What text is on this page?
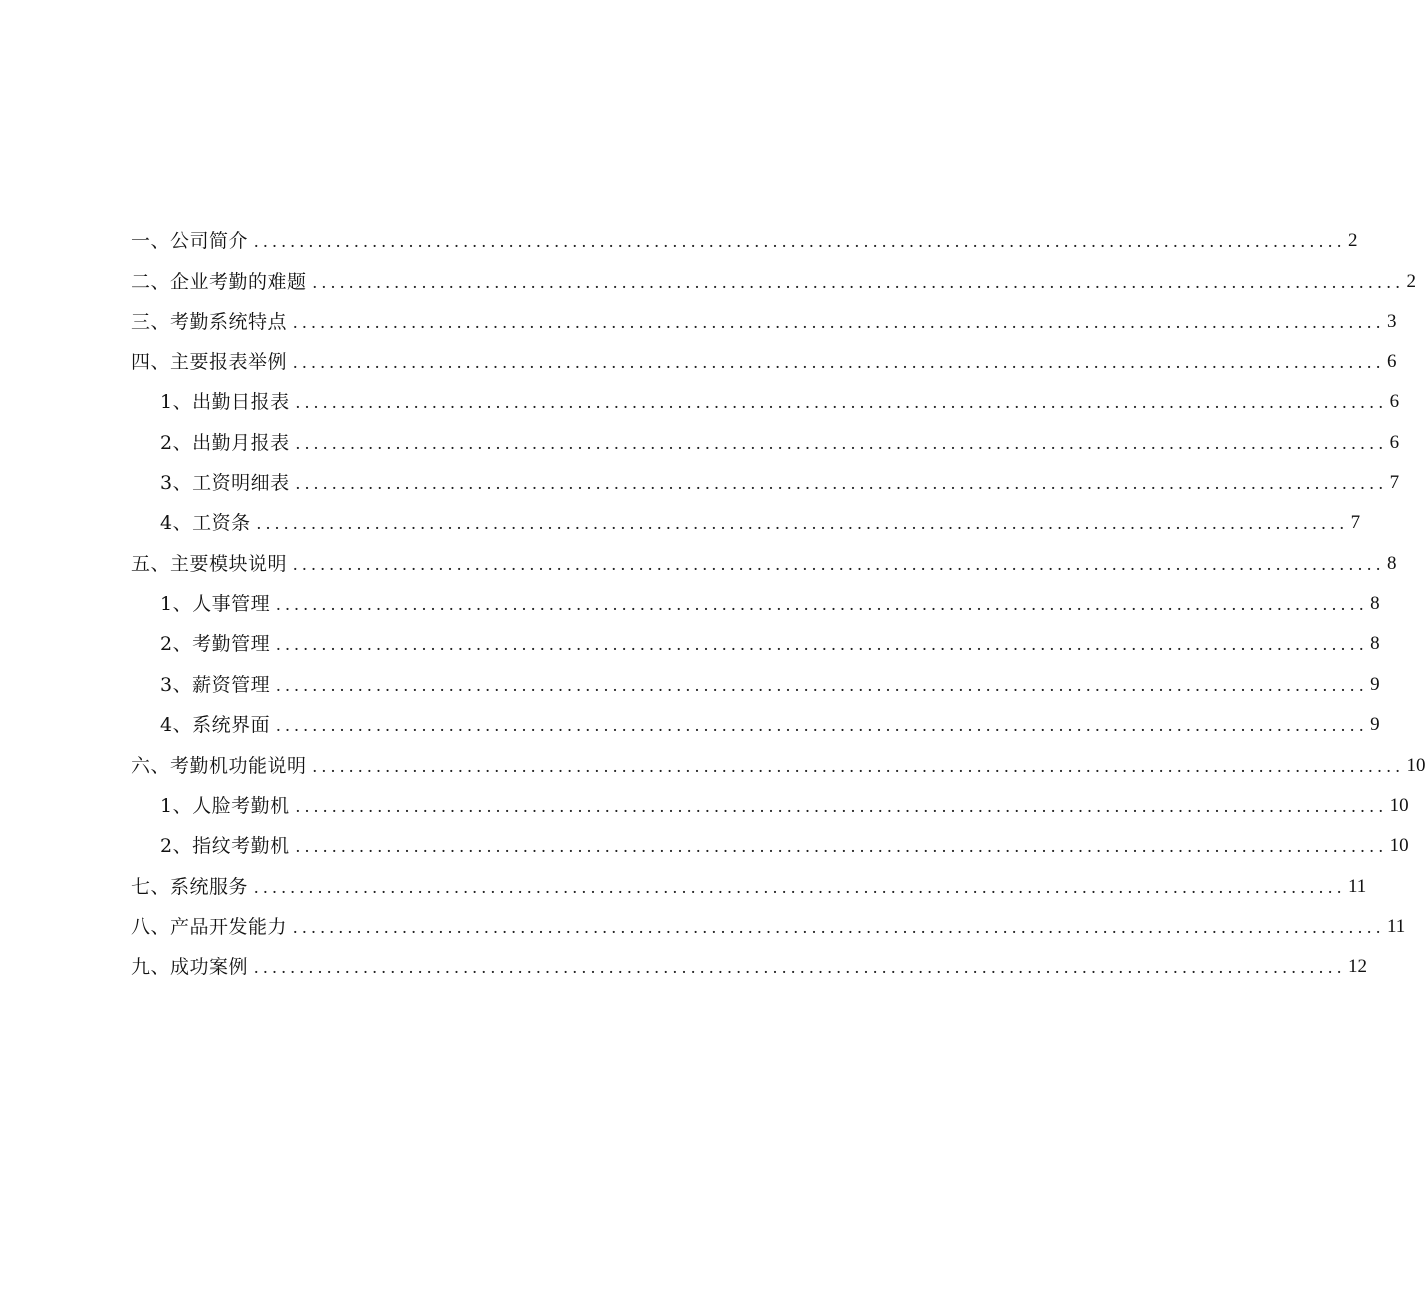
一、公司简介 ........................................................................................................................ 2
二、企业考勤的难题 ........................................................................................................................ 2
三、考勤系统特点 ........................................................................................................................ 3
四、主要报表举例 ........................................................................................................................ 6
1、出勤日报表 ........................................................................................................................ 6
2、出勤月报表 ........................................................................................................................ 6
3、工资明细表 ........................................................................................................................ 7
4、工资条 ........................................................................................................................ 7
五、主要模块说明 ........................................................................................................................ 8
1、人事管理 ........................................................................................................................ 8
2、考勤管理 ........................................................................................................................ 8
3、薪资管理 ........................................................................................................................ 9
4、系统界面 ........................................................................................................................ 9
六、考勤机功能说明 ........................................................................................................................ 10
1、人脸考勤机 ........................................................................................................................ 10
2、指纹考勤机 ........................................................................................................................ 10
七、系统服务 ........................................................................................................................ 11
八、产品开发能力 ........................................................................................................................ 11
九、成功案例 ........................................................................................................................ 12
